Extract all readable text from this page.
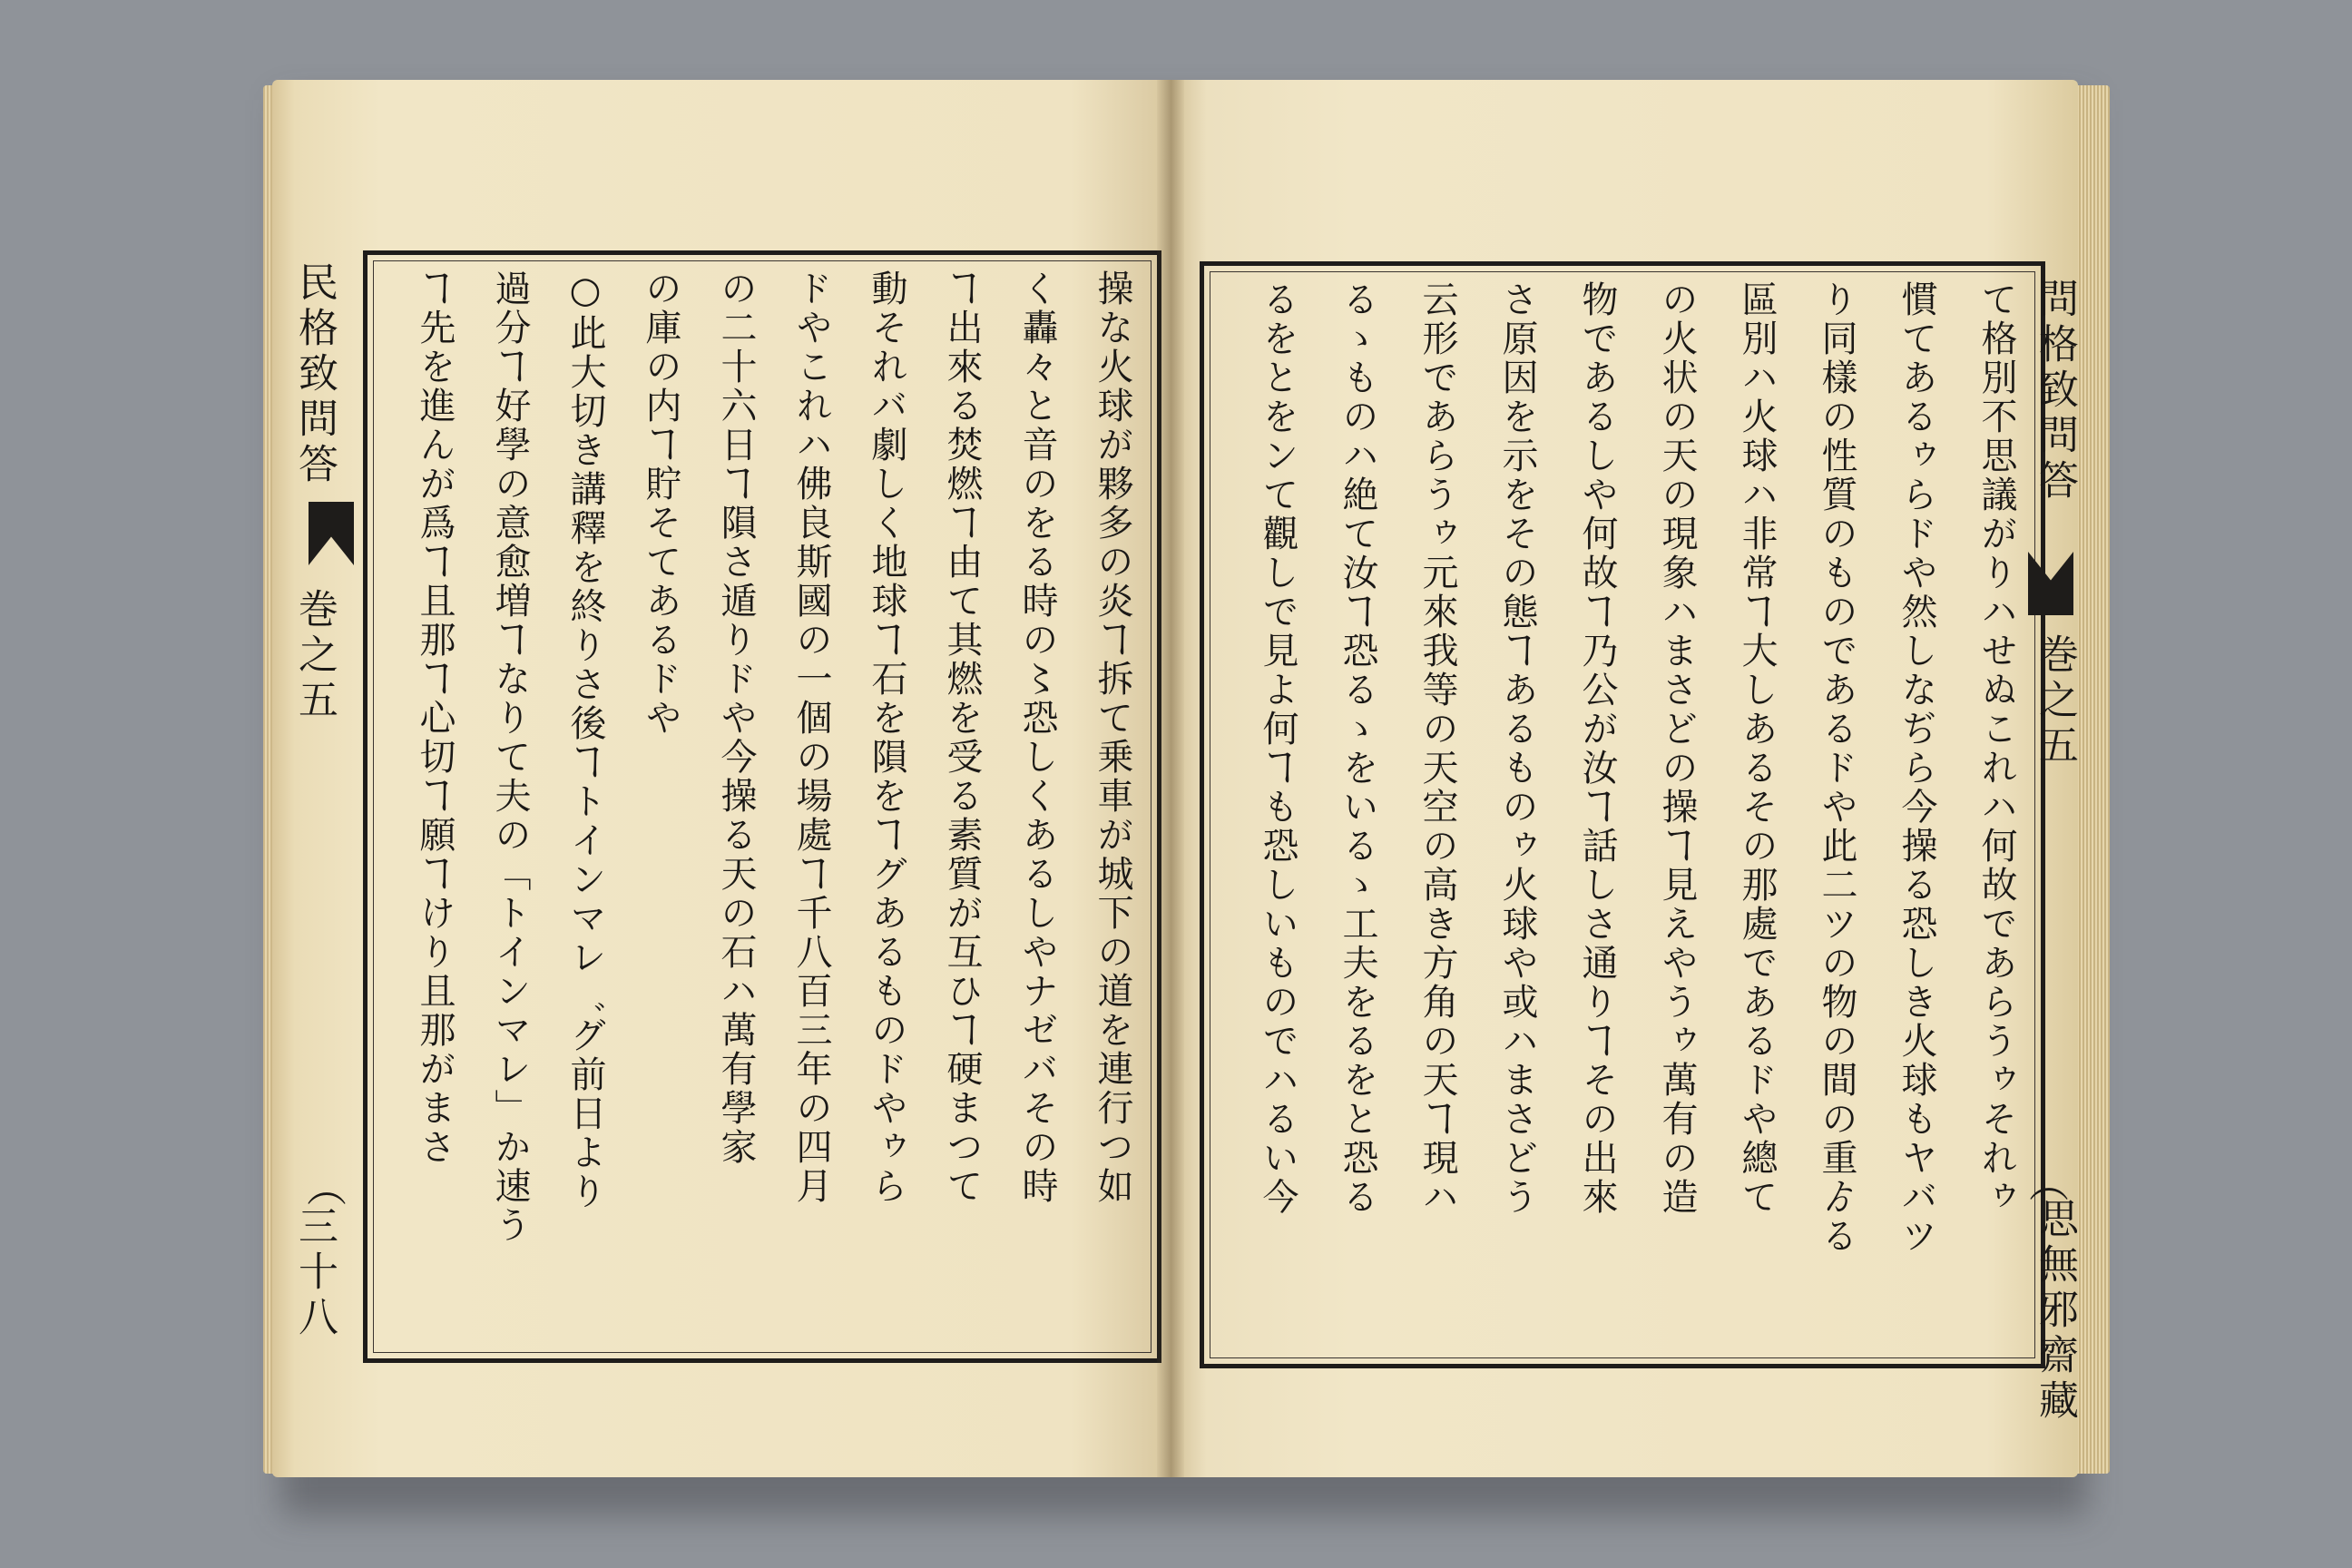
民格致問答
巻之五
︵
三十八
操な火球が夥多の炎ヿ拆て乗車が城下の道を連行つ如
く轟々と音のをる時の〻恐しくあるしやナゼバその時
ヿ出來る焚燃ヿ由て其燃を受る素質が互ひヿ硬まつて
動それバ劇しく地球ヿ石を隕をヿグあるものドやゥら
ドやこれハ佛良斯國の一個の場處ヿ千八百三年の四月
の二十六日ヿ隕さ遁りドや今操る天の石ハ萬有學家
の庫の内ヿ貯そてあるドや
○此大切き講釋を終りさ後ヿトインマレ゛グ前日より
過分ヿ好學の意愈増ヿなりて夫の「トインマレ」か速う
ヿ先を進んが爲ヿ且那ヿ心切ヿ願ヿけり且那がまさ	て格別不思議がりハせぬこれハ何故であらうゥそれゥ
慣てあるゥらドや然しなぢら今操る恐しき火球もヤバツ
り同樣の性質のものであるドや此二ツの物の間の重ゟる
區別ハ火球ハ非常ヿ大しあるその那處であるドや總て
の火状の天の現象ハまさどの操ヿ見えやうゥ萬有の造
物であるしや何故ヿ乃公が汝ヿ話しさ通りヿその出來
さ原因を示をその態ヿあるものゥ火球や或ハまさどう
云形であらうゥ元來我等の天空の高き方角の天ヿ現ハ
るゝものハ絶て汝ヿ恐るゝをいるゝ工夫をるをと恐る
るをとをンて觀しで見よ何ヿも恐しいものでハるい今	問格致問答
巻之五
︵
思無邪齋藏
